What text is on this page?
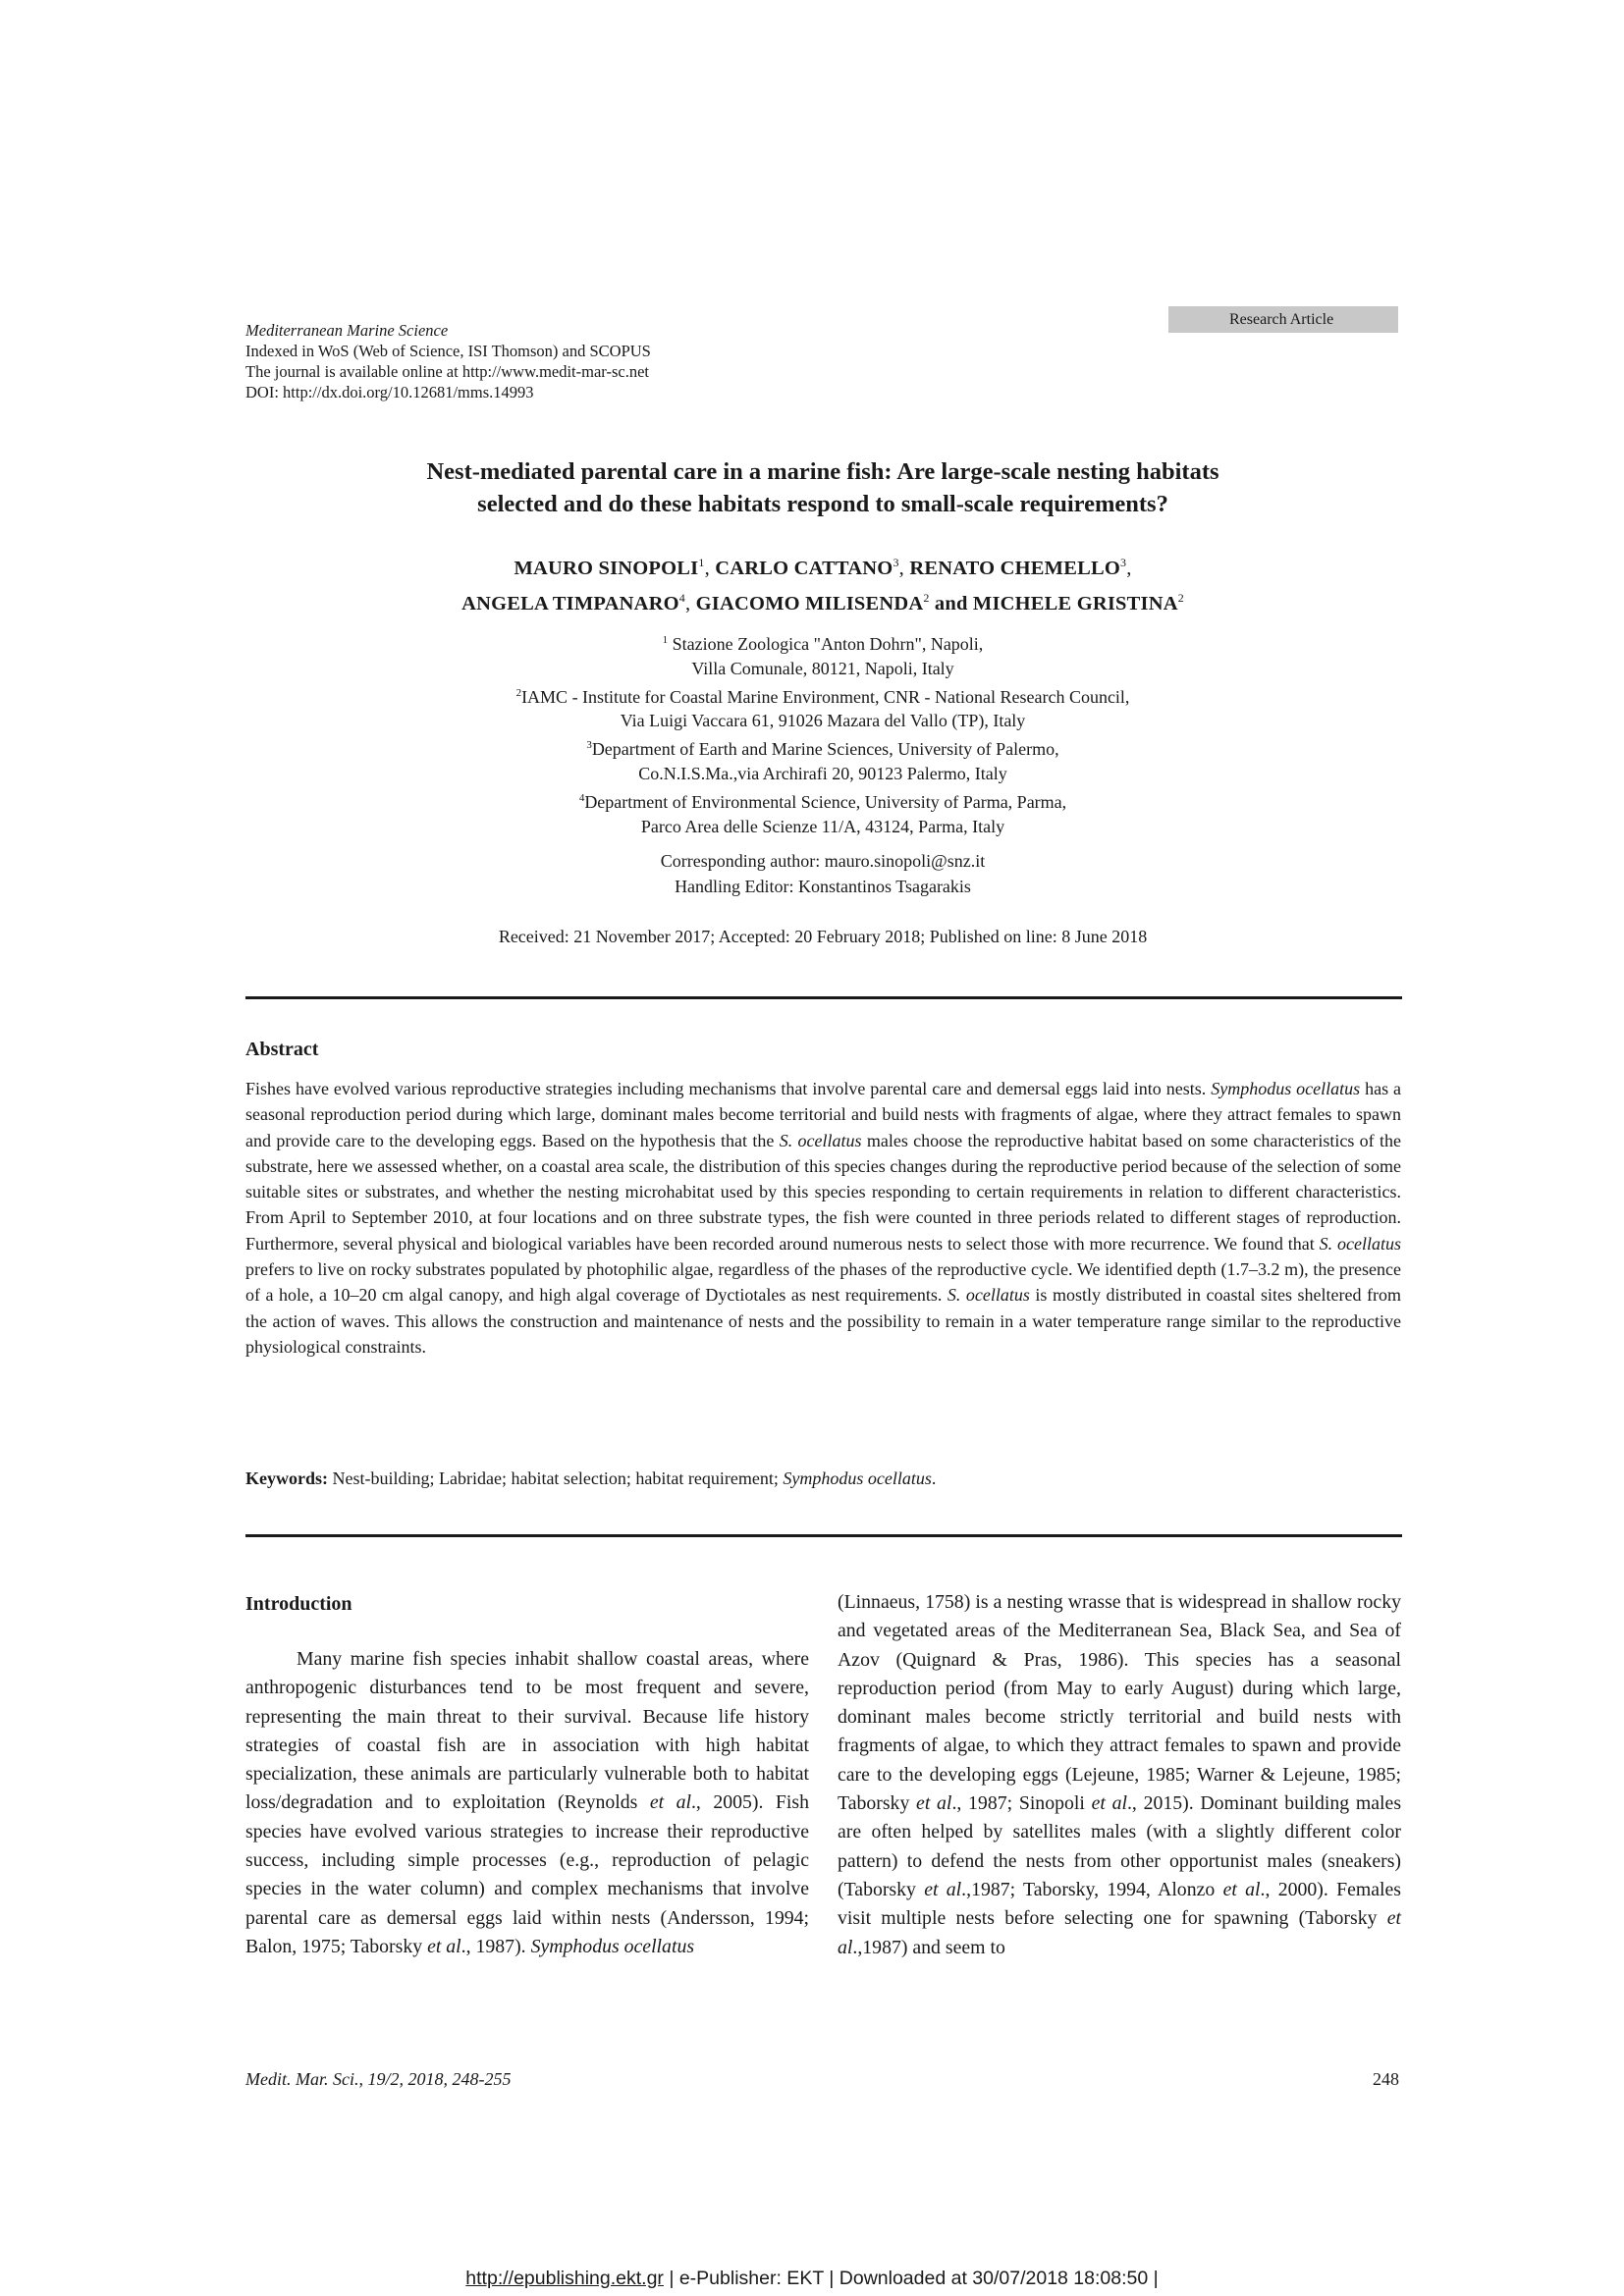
Mediterranean Marine Science
Indexed in WoS (Web of Science, ISI Thomson) and SCOPUS
The journal is available online at http://www.medit-mar-sc.net
DOI: http://dx.doi.org/10.12681/mms.14993
Research Article
Nest-mediated parental care in a marine fish: Are large-scale nesting habitats
selected and do these habitats respond to small-scale requirements?
MAURO SINOPOLI$^1$, CARLO CATTANO$^3$, RENATO CHEMELLO$^3$,
ANGELA TIMPANARO$^4$, GIACOMO MILISENDA$^2$ and MICHELE GRISTINA$^2$
$^1$ Stazione Zoologica "Anton Dohrn", Napoli,
Villa Comunale, 80121, Napoli, Italy
$^2$IAMC - Institute for Coastal Marine Environment, CNR - National Research Council,
Via Luigi Vaccara 61, 91026 Mazara del Vallo (TP), Italy
$^3$Department of Earth and Marine Sciences, University of Palermo,
Co.N.I.S.Ma.,via Archirafi 20, 90123 Palermo, Italy
$^4$Department of Environmental Science, University of Parma, Parma,
Parco Area delle Scienze 11/A, 43124, Parma, Italy
Corresponding author: mauro.sinopoli@snz.it
Handling Editor: Konstantinos Tsagarakis
Received: 21 November 2017; Accepted: 20 February 2018; Published on line: 8 June 2018
Abstract
Fishes have evolved various reproductive strategies including mechanisms that involve parental care and demersal eggs laid into nests. Symphodus ocellatus has a seasonal reproduction period during which large, dominant males become territorial and build nests with fragments of algae, where they attract females to spawn and provide care to the developing eggs. Based on the hypothesis that the S. ocellatus males choose the reproductive habitat based on some characteristics of the substrate, here we assessed whether, on a coastal area scale, the distribution of this species changes during the reproductive period because of the selection of some suitable sites or substrates, and whether the nesting microhabitat used by this species responding to certain requirements in relation to different characteristics. From April to September 2010, at four locations and on three substrate types, the fish were counted in three periods related to different stages of reproduction. Furthermore, several physical and biological variables have been recorded around numerous nests to select those with more recurrence. We found that S. ocellatus prefers to live on rocky substrates populated by photophilic algae, regardless of the phases of the reproductive cycle. We identified depth (1.7–3.2 m), the presence of a hole, a 10–20 cm algal canopy, and high algal coverage of Dyctiotales as nest requirements. S. ocellatus is mostly distributed in coastal sites sheltered from the action of waves. This allows the construction and maintenance of nests and the possibility to remain in a water temperature range similar to the reproductive physiological constraints.
Keywords: Nest-building; Labridae; habitat selection; habitat requirement; Symphodus ocellatus.
Introduction
Many marine fish species inhabit shallow coastal areas, where anthropogenic disturbances tend to be most frequent and severe, representing the main threat to their survival. Because life history strategies of coastal fish are in association with high habitat specialization, these animals are particularly vulnerable both to habitat loss/degradation and to exploitation (Reynolds et al., 2005). Fish species have evolved various strategies to increase their reproductive success, including simple processes (e.g., reproduction of pelagic species in the water column) and complex mechanisms that involve parental care as demersal eggs laid within nests (Andersson, 1994; Balon, 1975; Taborsky et al., 1987). Symphodus ocellatus
(Linnaeus, 1758) is a nesting wrasse that is widespread in shallow rocky and vegetated areas of the Mediterranean Sea, Black Sea, and Sea of Azov (Quignard & Pras, 1986). This species has a seasonal reproduction period (from May to early August) during which large, dominant males become strictly territorial and build nests with fragments of algae, to which they attract females to spawn and provide care to the developing eggs (Lejeune, 1985; Warner & Lejeune, 1985; Taborsky et al., 1987; Sinopoli et al., 2015). Dominant building males are often helped by satellites males (with a slightly different color pattern) to defend the nests from other opportunist males (sneakers) (Taborsky et al.,1987; Taborsky, 1994, Alonzo et al., 2000). Females visit multiple nests before selecting one for spawning (Taborsky et al.,1987) and seem to
Medit. Mar. Sci., 19/2, 2018, 248-255	248
http://epublishing.ekt.gr | e-Publisher: EKT | Downloaded at 30/07/2018 18:08:50 |
